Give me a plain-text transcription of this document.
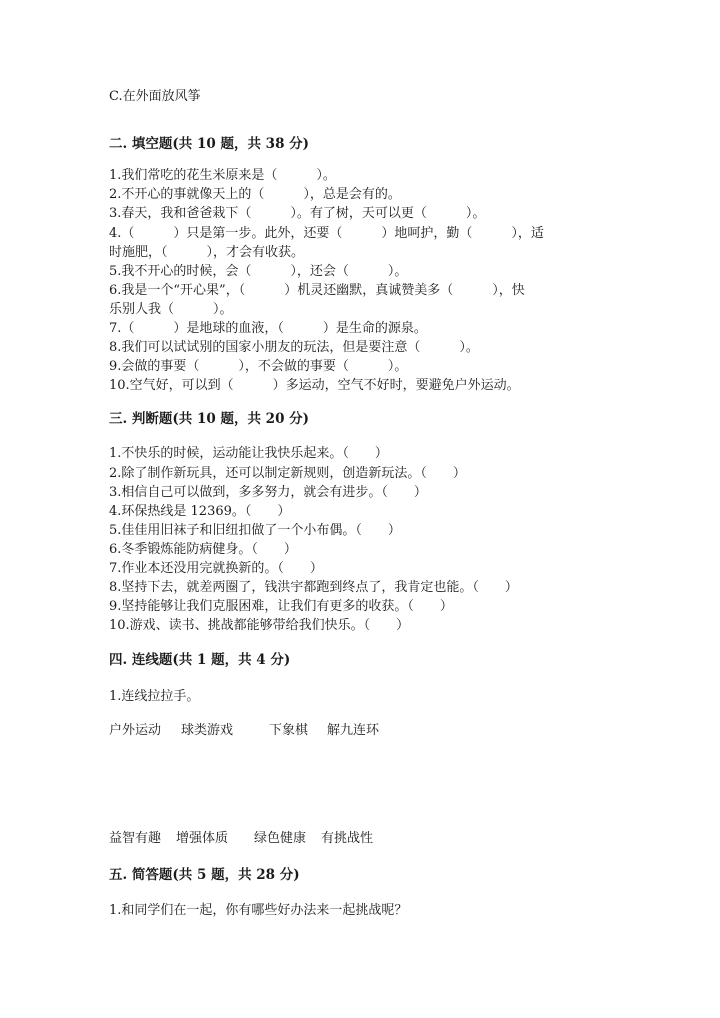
C.在外面放风筝
二. 填空题(共 10 题，共 38 分)
1.我们常吃的花生米原来是（　　　）。
2.不开心的事就像天上的（　　　），总是会有的。
3.春天，我和爸爸栽下（　　　）。有了树，天可以更（　　　）。
4.（　　　）只是第一步。此外，还要（　　　）地呵护，勤（　　　），适
时施肥，（　　　），才会有收获。
5.我不开心的时候，会（　　　），还会（　　　）。
6.我是一个“开心果”，（　　　）机灵还幽默，真诚赞美多（　　　），快
乐别人我（　　　）。
7.（　　　）是地球的血液，（　　　）是生命的源泉。
8.我们可以试试别的国家小朋友的玩法，但是要注意（　　　）。
9.会做的事要（　　　），不会做的事要（　　　）。
10.空气好，可以到（　　　）多运动，空气不好时，要避免户外运动。
三. 判断题(共 10 题，共 20 分)
1.不快乐的时候，运动能让我快乐起来。（　　）
2.除了制作新玩具，还可以制定新规则，创造新玩法。（　　）
3.相信自己可以做到，多多努力，就会有进步。（　　）
4.环保热线是 12369。（　　）
5.佳佳用旧袜子和旧纽扣做了一个小布偶。（　　）
6.冬季锻炼能防病健身。（　　）
7.作业本还没用完就换新的。（　　）
8.坚持下去，就差两圈了，钱洪宇都跑到终点了，我肯定也能。（　　）
9.坚持能够让我们克服困难，让我们有更多的收获。（　　）
10.游戏、读书、挑战都能够带给我们快乐。（　　）
四. 连线题(共 1 题，共 4 分)
1.连线拉拉手。
户外运动 球类游戏	下象棋 解九连环
益智有趣 增强体质 绿色健康 有挑战性
五. 简答题(共 5 题，共 28 分)
1.和同学们在一起，你有哪些好办法来一起挑战呢？
